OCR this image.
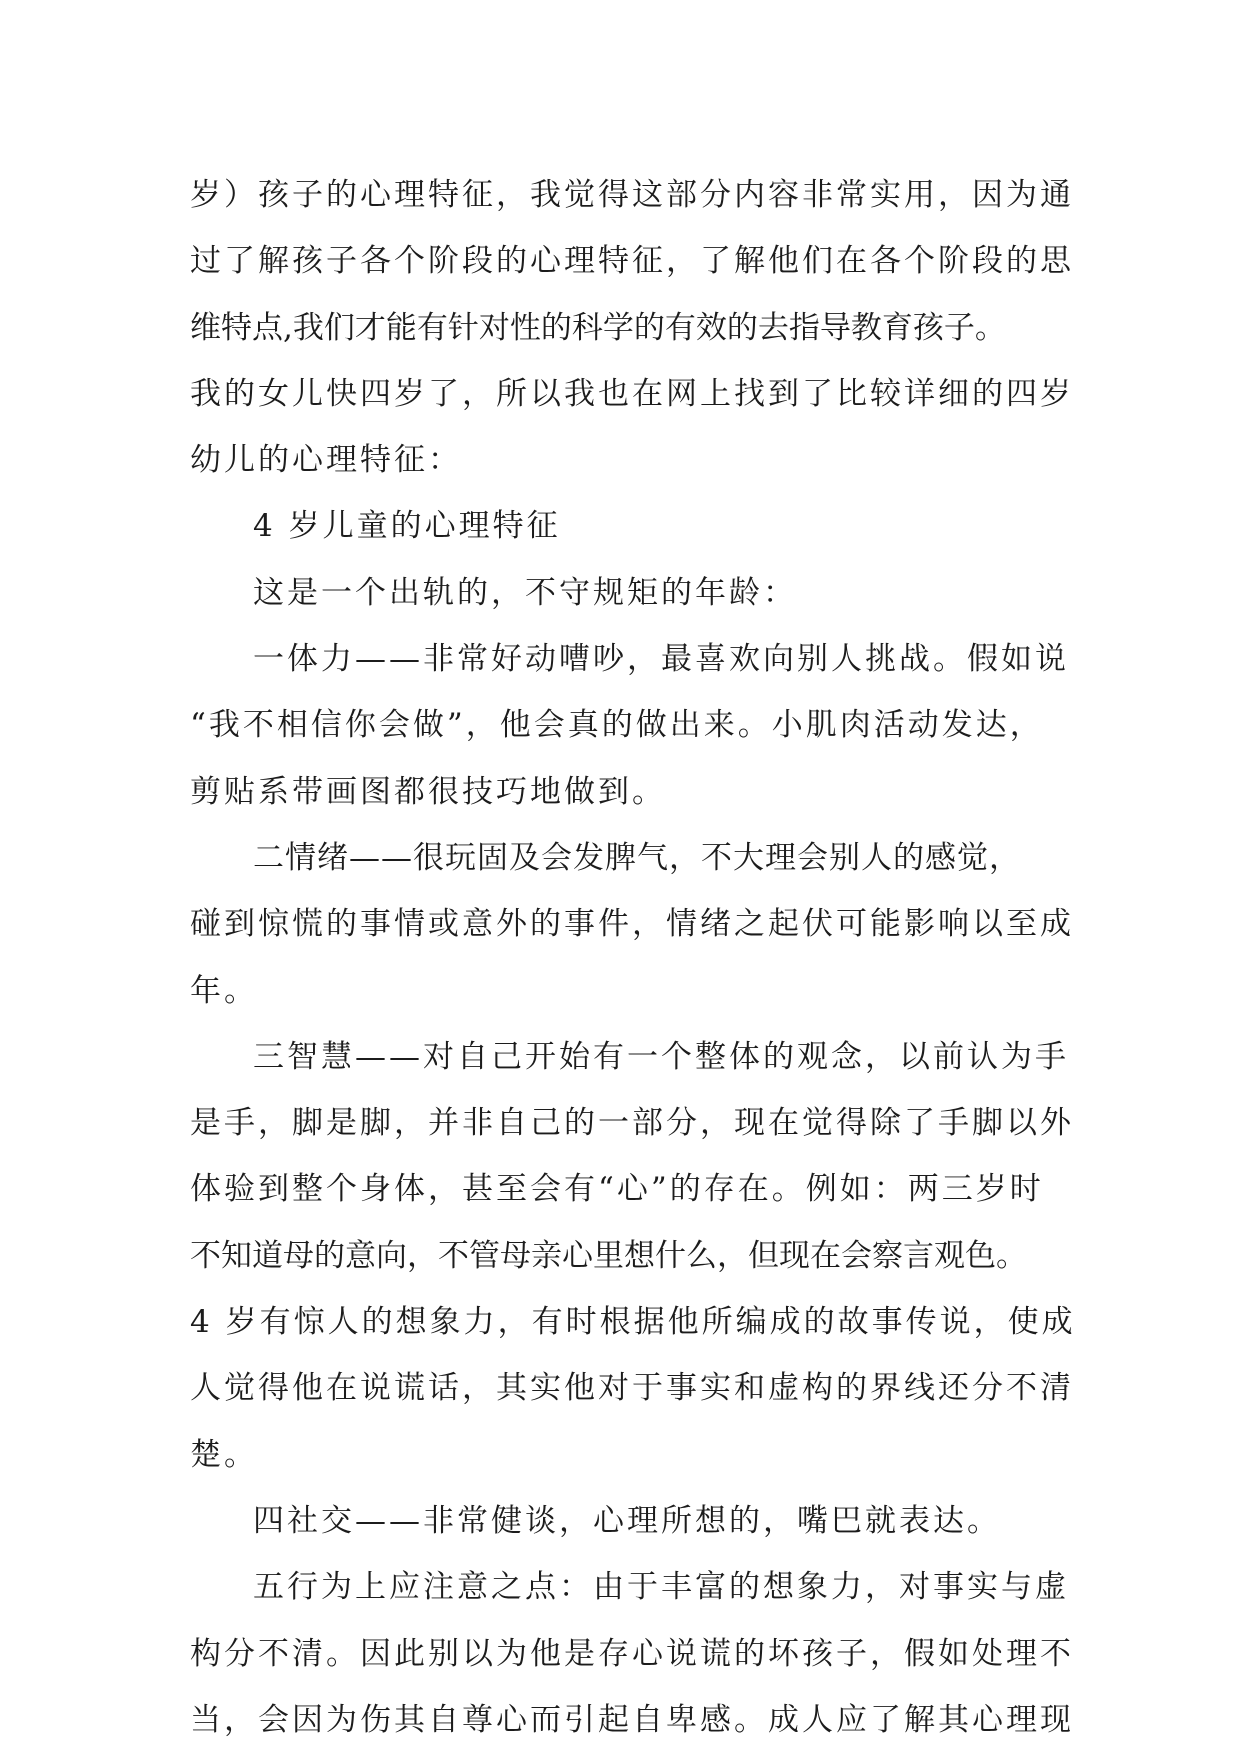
岁）孩子的心理特征，我觉得这部分内容非常实用，因为通
过了解孩子各个阶段的心理特征，了解他们在各个阶段的思
维特点,我们才能有针对性的科学的有效的去指导教育孩子。
我的女儿快四岁了，所以我也在网上找到了比较详细的四岁
幼儿的心理特征：
4 岁儿童的心理特征
这是一个出轨的，不守规矩的年龄：
一体力——非常好动嘈吵，最喜欢向别人挑战。假如说
“我不相信你会做”，他会真的做出来。小肌肉活动发达，
剪贴系带画图都很技巧地做到。
二情绪——很玩固及会发脾气，不大理会别人的感觉，
碰到惊慌的事情或意外的事件，情绪之起伏可能影响以至成
年。
三智慧——对自己开始有一个整体的观念，以前认为手
是手，脚是脚，并非自己的一部分，现在觉得除了手脚以外
体验到整个身体，甚至会有“心”的存在。例如：两三岁时
不知道母的意向，不管母亲心里想什么，但现在会察言观色。
4 岁有惊人的想象力，有时根据他所编成的故事传说，使成
人觉得他在说谎话，其实他对于事实和虚构的界线还分不清
楚。
四社交——非常健谈，心理所想的，嘴巴就表达。
五行为上应注意之点：由于丰富的想象力，对事实与虚
构分不清。因此别以为他是存心说谎的坏孩子，假如处理不
当，会因为伤其自尊心而引起自卑感。成人应了解其心理现
